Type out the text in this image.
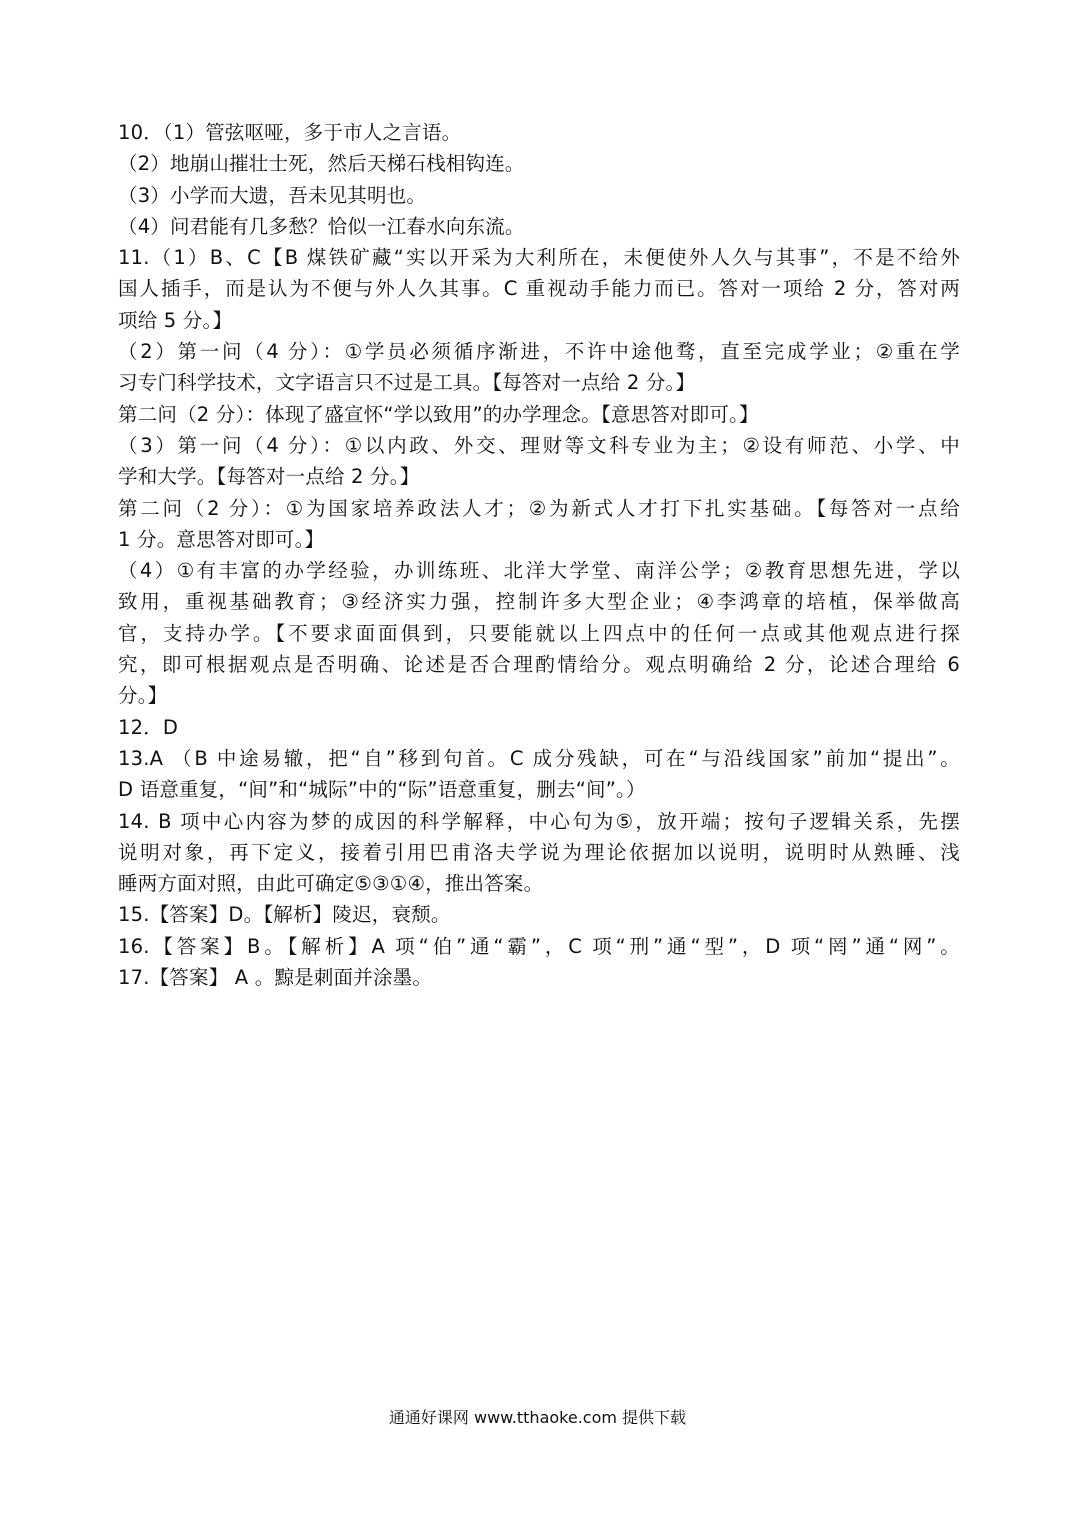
10．（1）管弦呕哑，多于市人之言语。
（2）地崩山摧壮士死，然后天梯石栈相钩连。
（3）小学而大遗，吾未见其明也。
（4）问君能有几多愁？恰似一江春水向东流。
11.（1）B、C【B 煤铁矿藏“实以开采为大利所在，未便使外人久与其事”，不是不给外
国人插手，而是认为不便与外人久其事。C 重视动手能力而已。答对一项给 2 分，答对两
项给 5 分。】
（2）第一问（4 分）：①学员必须循序渐进，不许中途他骛，直至完成学业；②重在学
习专门科学技术，文字语言只不过是工具。【每答对一点给 2 分。】
第二问（2 分）：体现了盛宣怀“学以致用”的办学理念。【意思答对即可。】
（3）第一问（4 分）：①以内政、外交、理财等文科专业为主；②设有师范、小学、中
学和大学。【每答对一点给 2 分。】
第二问（2 分）：①为国家培养政法人才；②为新式人才打下扎实基础。【每答对一点给
1 分。意思答对即可。】
（4）①有丰富的办学经验，办训练班、北洋大学堂、南洋公学；②教育思想先进，学以
致用，重视基础教育；③经济实力强，控制许多大型企业；④李鸿章的培植，保举做高
官，支持办学。【不要求面面俱到，只要能就以上四点中的任何一点或其他观点进行探
究，即可根据观点是否明确、论述是否合理酌情给分。观点明确给 2 分，论述合理给 6
分。】
12．D
13.A （B 中途易辙，把“自”移到句首。C 成分残缺，可在“与沿线国家”前加“提出”。
D 语意重复，“间”和“城际”中的“际”语意重复，删去“间”。）
14. B 项中心内容为梦的成因的科学解释，中心句为⑤，放开端；按句子逻辑关系，先摆
说明对象，再下定义，接着引用巴甫洛夫学说为理论依据加以说明，说明时从熟睡、浅
睡两方面对照，由此可确定⑤③①④，推出答案。
15.【答案】D。【解析】陵迟，衰颓。
16.【答案】B。【解析】A 项“伯”通“霸”，C 项“刑”通“型”，D 项“罔”通“网”。
17.【答案】 A 。黥是刺面并涂墨。
通通好课网 www.tthaoke.com 提供下载
